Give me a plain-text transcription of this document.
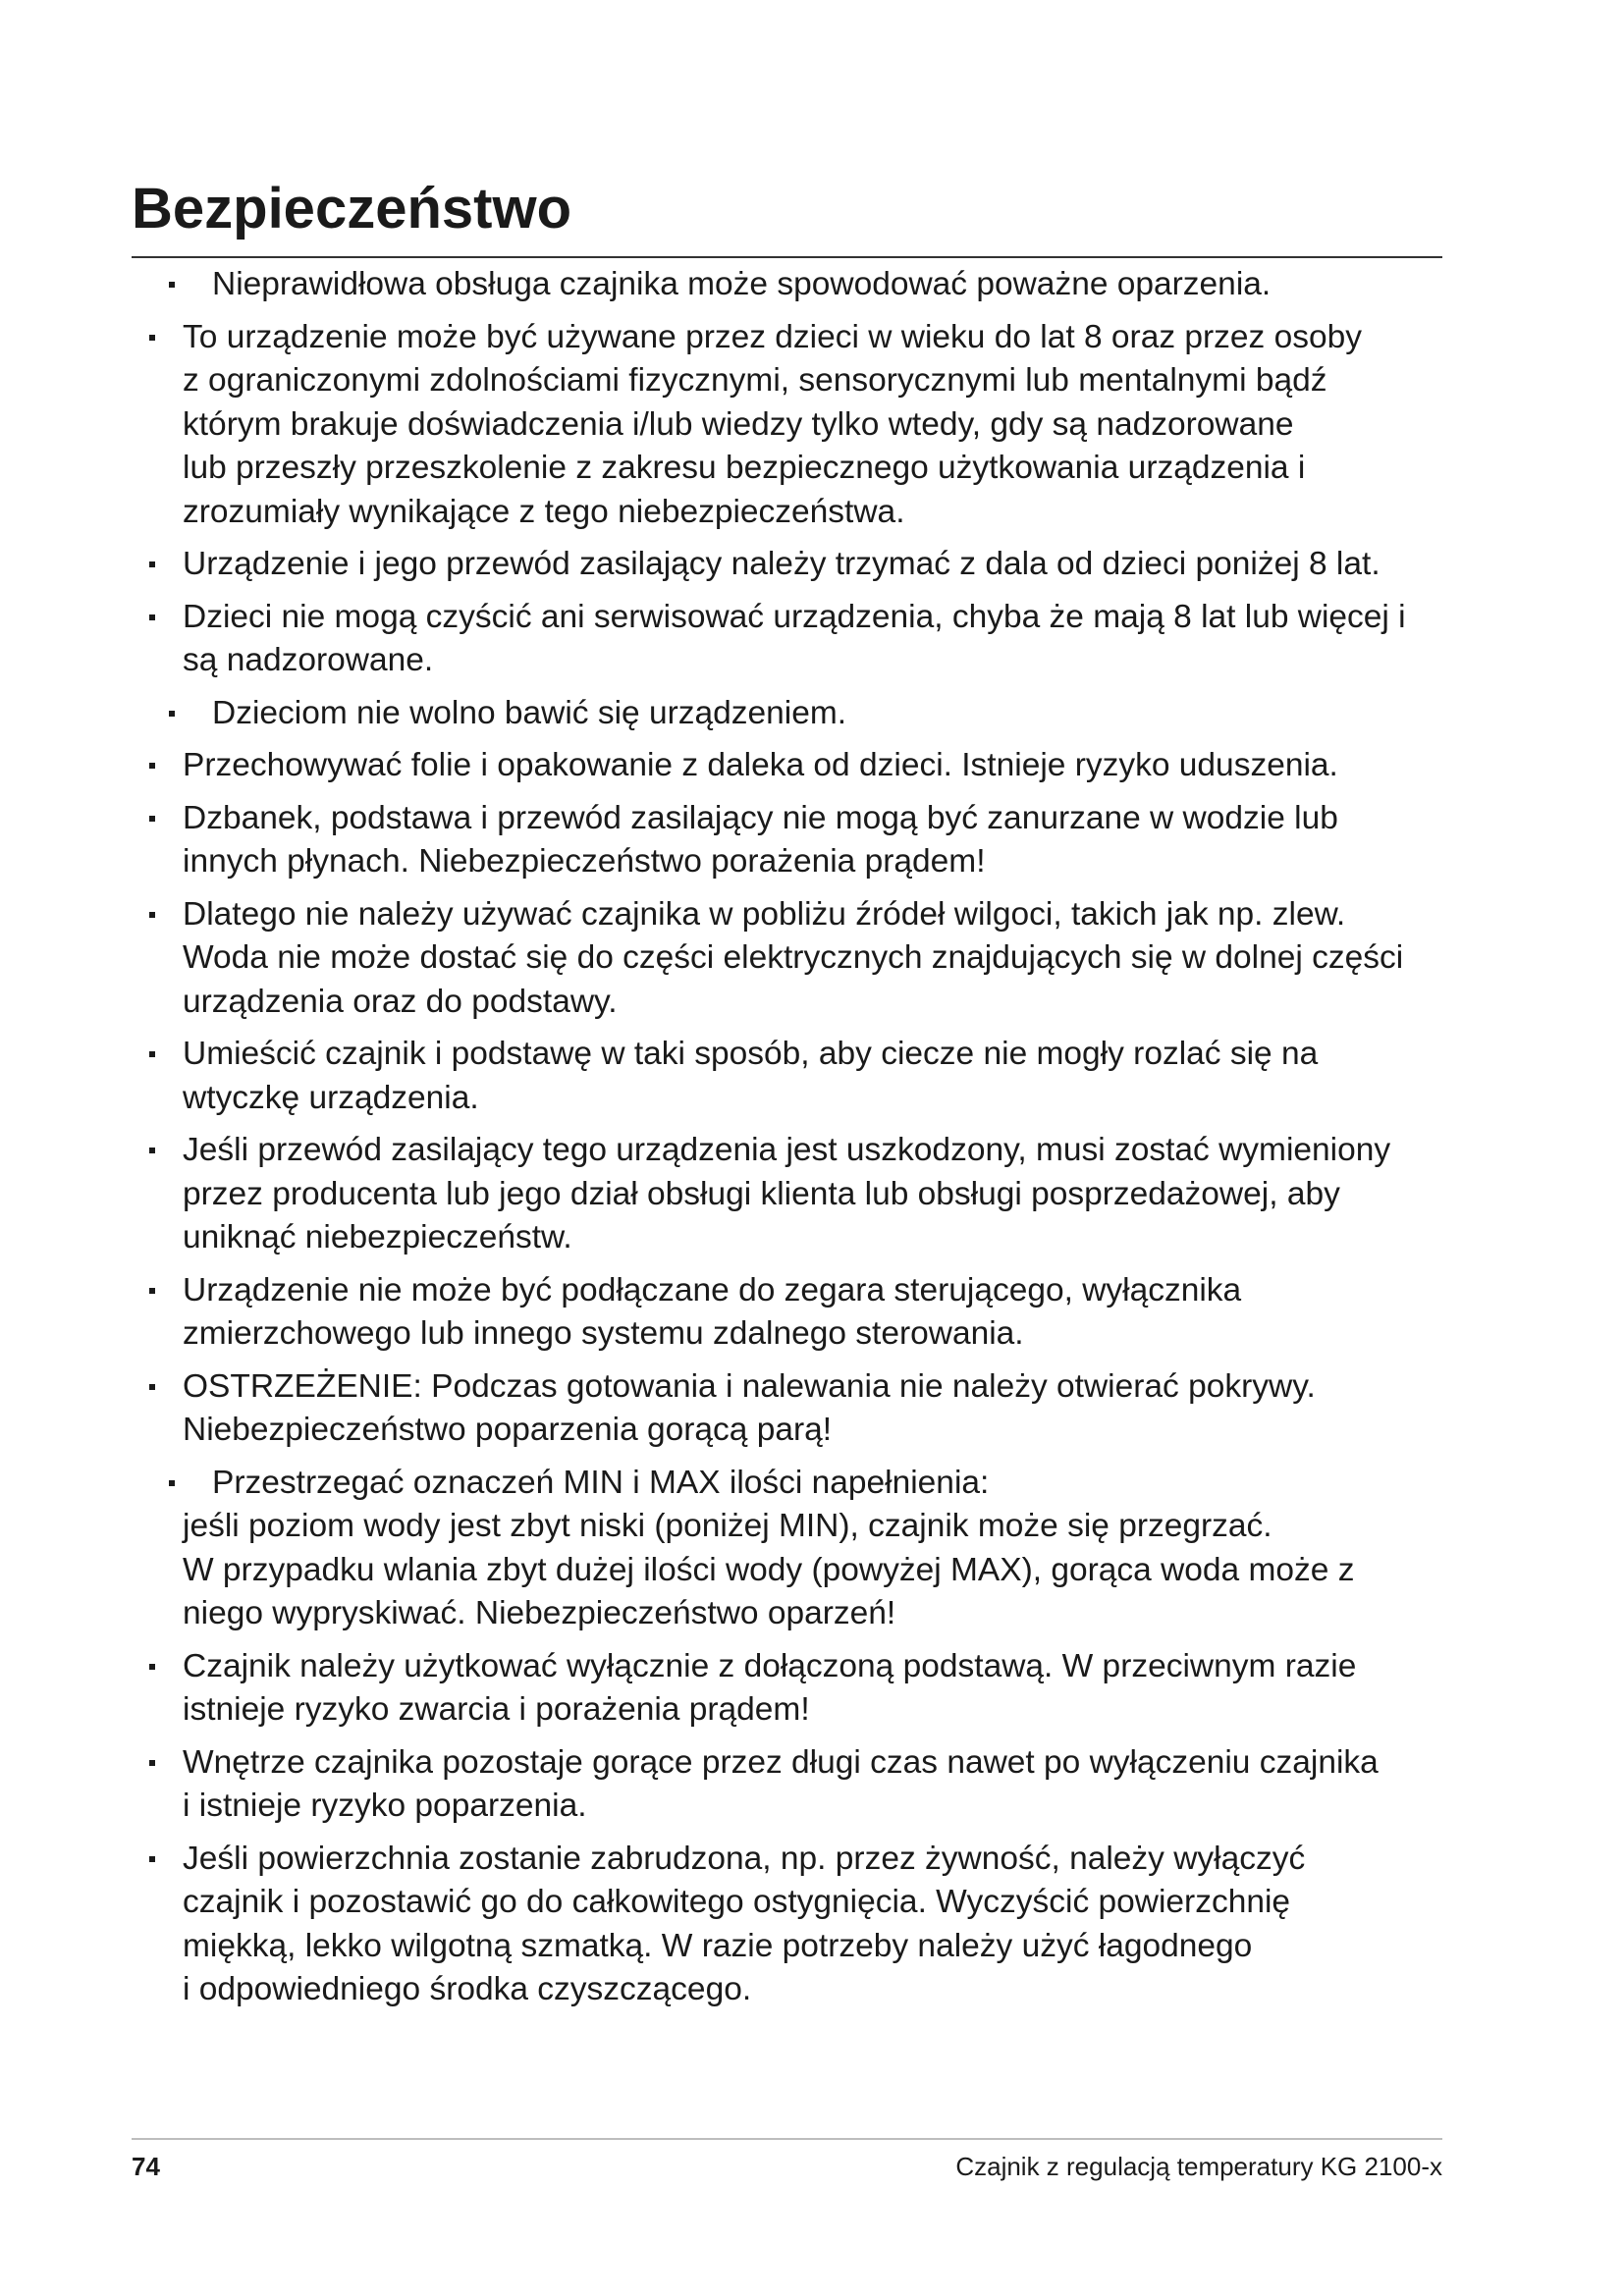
Bezpieczeństwo
Nieprawidłowa obsługa czajnika może spowodować poważne oparzenia.
To urządzenie może być używane przez dzieci w wieku do lat 8 oraz przez osoby
z ograniczonymi zdolnościami fizycznymi, sensorycznymi lub mentalnymi bądź
którym brakuje doświadczenia i/lub wiedzy tylko wtedy, gdy są nadzorowane
lub przeszły przeszkolenie z zakresu bezpiecznego użytkowania urządzenia i
zrozumiały wynikające z tego niebezpieczeństwa.
Urządzenie i jego przewód zasilający należy trzymać z dala od dzieci poniżej 8 lat.
Dzieci nie mogą czyścić ani serwisować urządzenia, chyba że mają 8 lat lub więcej i
są nadzorowane.
Dzieciom nie wolno bawić się urządzeniem.
Przechowywać folie i opakowanie z daleka od dzieci. Istnieje ryzyko uduszenia.
Dzbanek, podstawa i przewód zasilający nie mogą być zanurzane w wodzie lub
innych płynach. Niebezpieczeństwo porażenia prądem!
Dlatego nie należy używać czajnika w pobliżu źródeł wilgoci, takich jak np. zlew.
Woda nie może dostać się do części elektrycznych znajdujących się w dolnej części
urządzenia oraz do podstawy.
Umieścić czajnik i podstawę w taki sposób, aby ciecze nie mogły rozlać się na
wtyczkę urządzenia.
Jeśli przewód zasilający tego urządzenia jest uszkodzony, musi zostać wymieniony
przez producenta lub jego dział obsługi klienta lub obsługi posprzedażowej, aby
uniknąć niebezpieczeństw.
Urządzenie nie może być podłączane do zegara sterującego, wyłącznika
zmierzchowego lub innego systemu zdalnego sterowania.
OSTRZEŻENIE: Podczas gotowania i nalewania nie należy otwierać pokrywy.
Niebezpieczeństwo poparzenia gorącą parą!
Przestrzegać oznaczeń MIN i MAX ilości napełnienia:
jeśli poziom wody jest zbyt niski (poniżej MIN), czajnik może się przegrzać.
W przypadku wlania zbyt dużej ilości wody (powyżej MAX), gorąca woda może z
niego wypryskiwać. Niebezpieczeństwo oparzeń!
Czajnik należy użytkować wyłącznie z dołączoną podstawą. W przeciwnym razie
istnieje ryzyko zwarcia i porażenia prądem!
Wnętrze czajnika pozostaje gorące przez długi czas nawet po wyłączeniu czajnika
i istnieje ryzyko poparzenia.
Jeśli powierzchnia zostanie zabrudzona, np. przez żywność, należy wyłączyć
czajnik i pozostawić go do całkowitego ostygnięcia. Wyczyścić powierzchnię
miękką, lekko wilgotną szmatką. W razie potrzeby należy użyć łagodnego
i odpowiedniego środka czyszczącego.
74	Czajnik z regulacją temperatury KG 2100-x
